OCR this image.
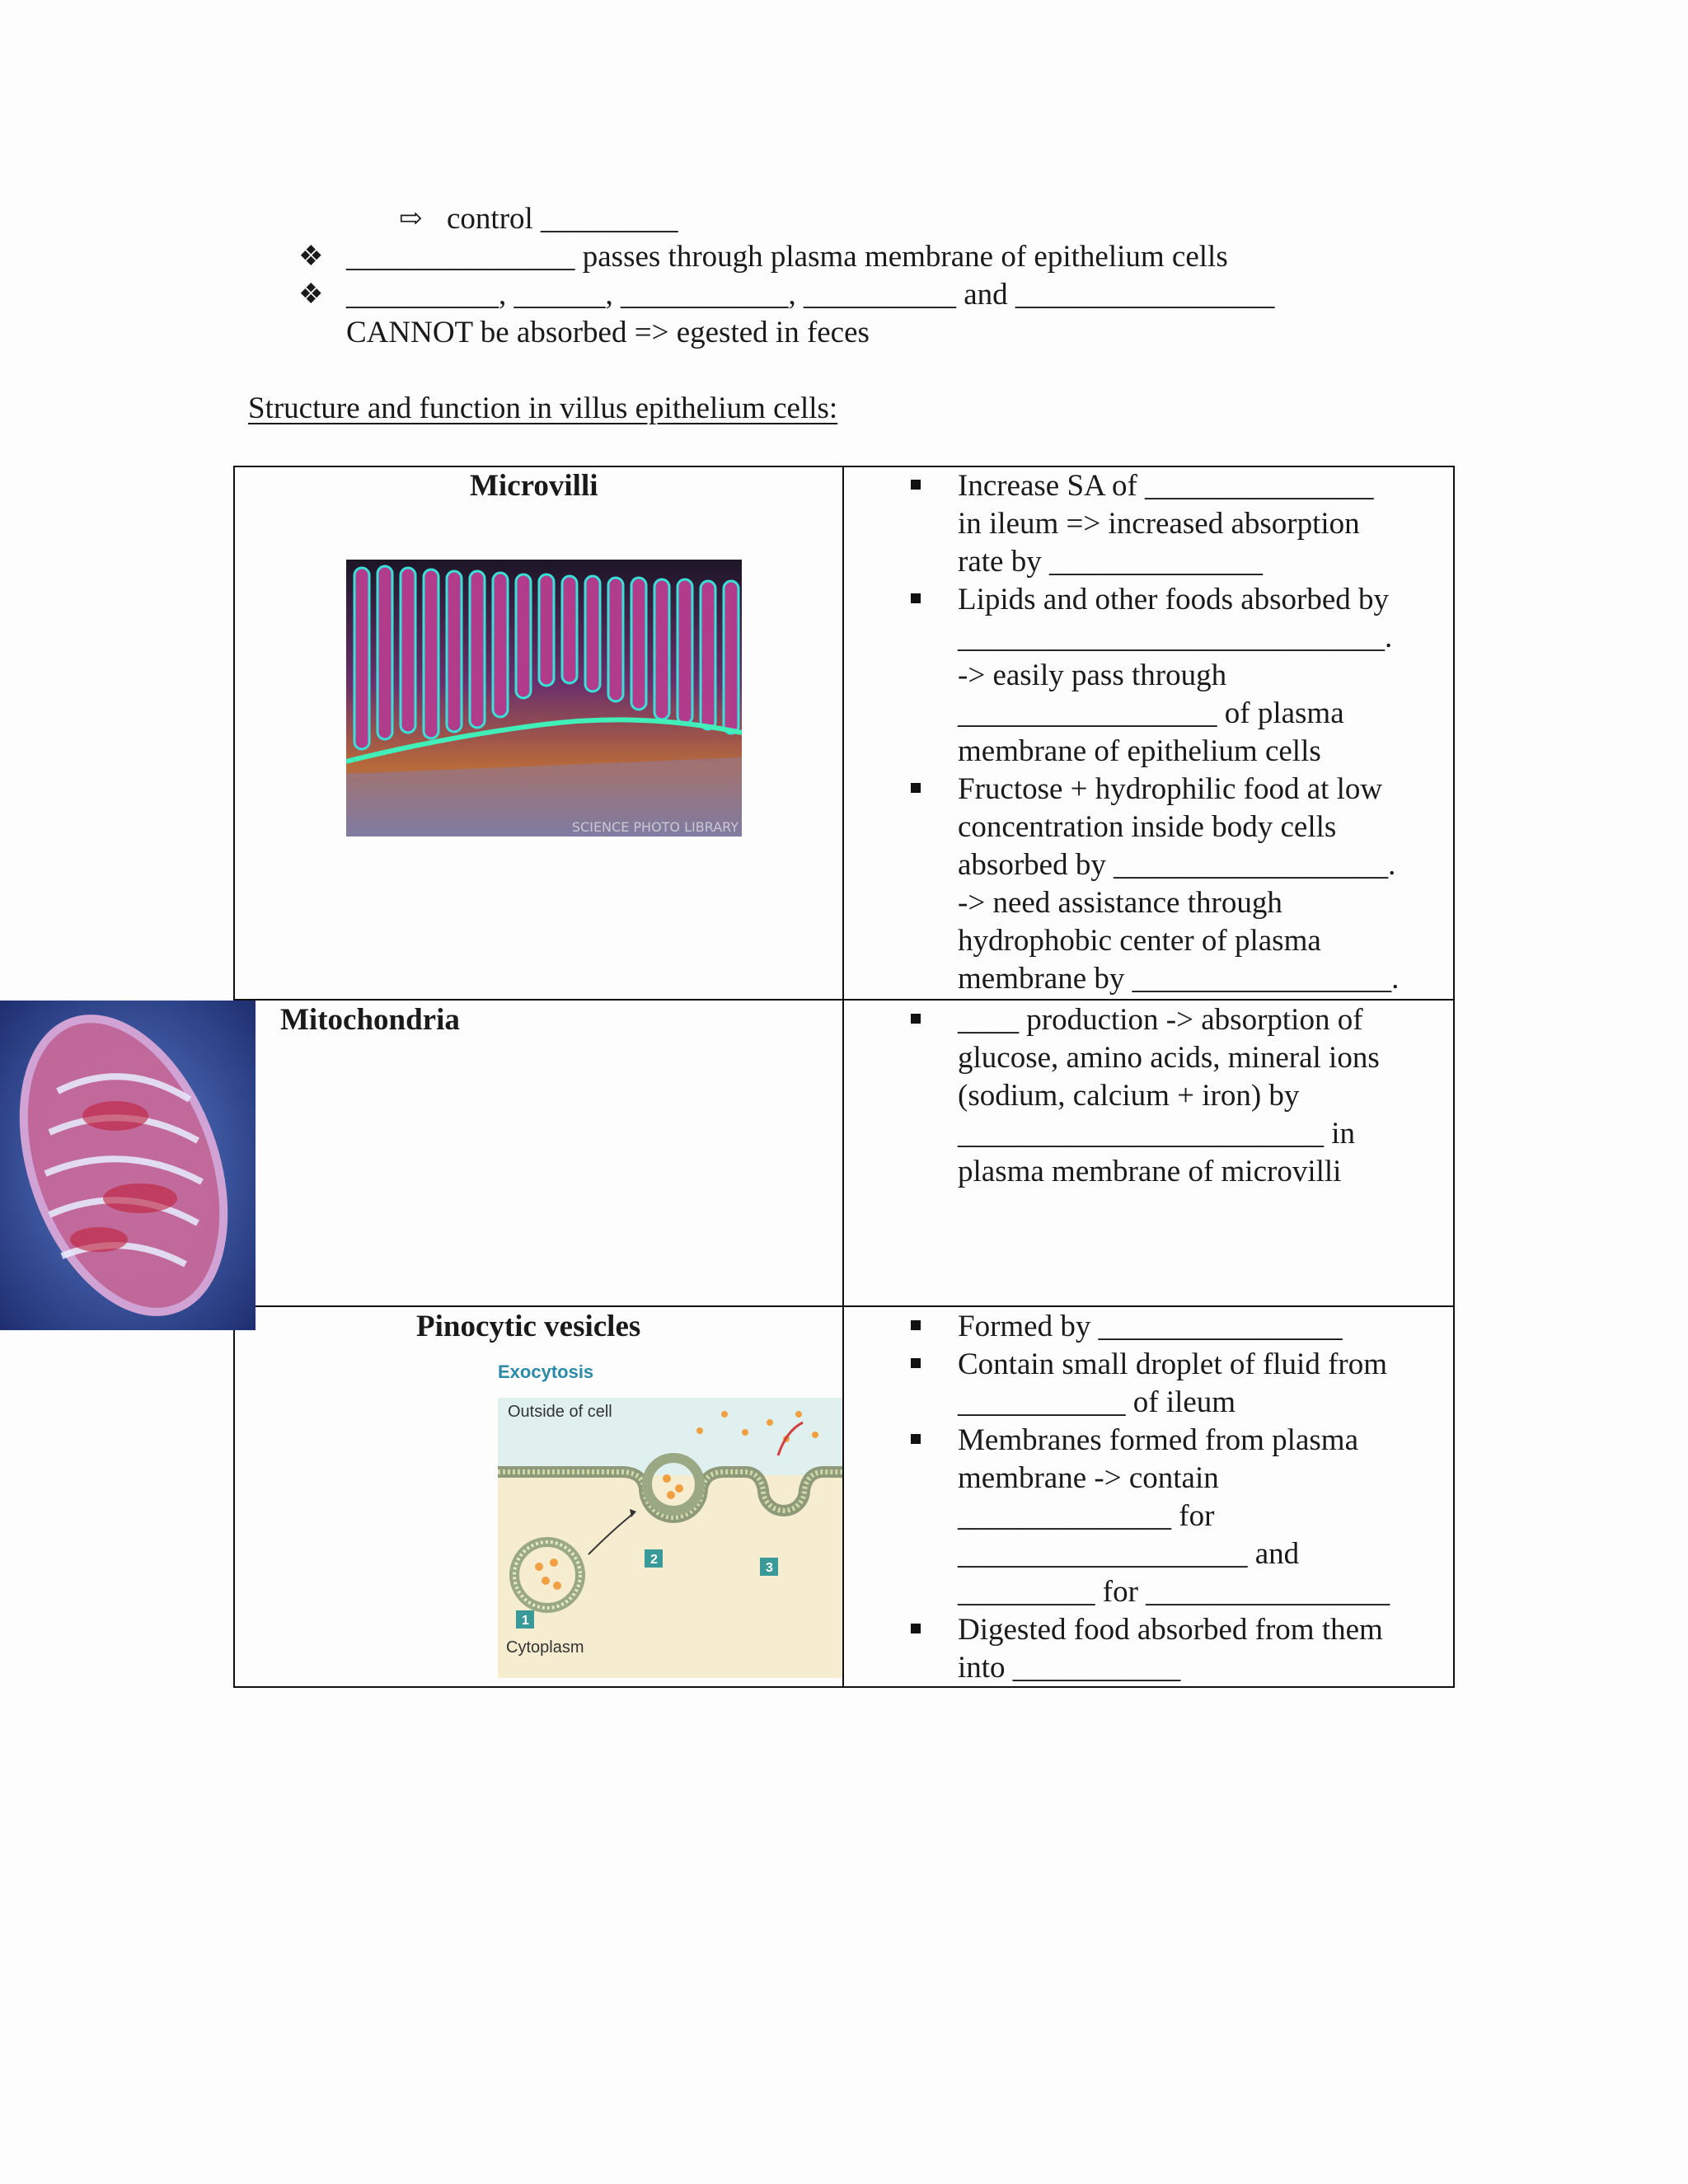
⇨ control _________
❖ _______________ passes through plasma membrane of epithelium cells
❖ __________, ______, ___________, __________ and _________________
CANNOT be absorbed => egested in feces
Structure and function in villus epithelium cells:
Microvilli
SCIENCE PHOTO LIBRARY
Increase SA of _______________
in ileum => increased absorption
rate by ______________
Lipids and other foods absorbed by
____________________________.
-> easily pass through
_________________ of plasma
membrane of epithelium cells
Fructose + hydrophilic food at low
concentration inside body cells
absorbed by __________________.
-> need assistance through
hydrophobic center of plasma
membrane by _________________.
Mitochondria	____ production -> absorption of
glucose, amino acids, mineral ions
(sodium, calcium + iron) by
________________________ in
plasma membrane of microvilli
Pinocytic vesicles
Exocytosis
1
2
3
Outside of cell
Cytoplasm
Formed by ________________
Contain small droplet of fluid from
___________ of ileum
Membranes formed from plasma
membrane -> contain
______________ for
___________________ and
_________ for ________________
Digested food absorbed from them
into ___________
